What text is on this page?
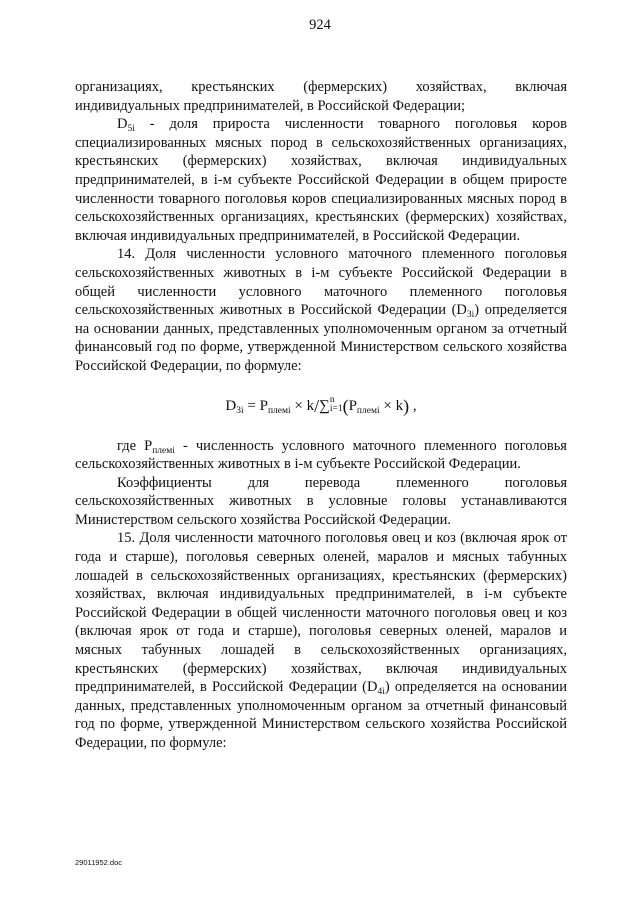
924

организациях, крестьянских (фермерских) хозяйствах, включая индивидуальных предпринимателей, в Российской Федерации;

$D_{5i}$ - доля прироста численности товарного поголовья коров специализированных мясных пород в сельскохозяйственных организациях, крестьянских (фермерских) хозяйствах, включая индивидуальных предпринимателей, в i-м субъекте Российской Федерации в общем приросте численности товарного поголовья коров специализированных мясных пород в сельскохозяйственных организациях, крестьянских (фермерских) хозяйствах, включая индивидуальных предпринимателей, в Российской Федерации.

14. Доля численности условного маточного племенного поголовья сельскохозяйственных животных в i-м субъекте Российской Федерации в общей численности условного маточного племенного поголовья сельскохозяйственных животных в Российской Федерации $(D_{3i})$ определяется на основании данных, представленных уполномоченным органом за отчетный финансовый год по форме, утвержденной Министерством сельского хозяйства Российской Федерации, по формуле:

$D_{3i} = P_{племi} \times k/\sum n$
$i=1(P_{племi} \times k)$ ,

где $P_{племi}$ - численность условного маточного племенного поголовья сельскохозяйственных животных в i-м субъекте Российской Федерации.

Коэффициенты для перевода племенного поголовья сельскохозяйственных животных в условные головы устанавливаются Министерством сельского хозяйства Российской Федерации.

15. Доля численности маточного поголовья овец и коз (включая ярок от года и старше), поголовья северных оленей, маралов и мясных табунных лошадей в сельскохозяйственных организациях, крестьянских (фермерских) хозяйствах, включая индивидуальных предпринимателей, в i-м субъекте Российской Федерации в общей численности маточного поголовья овец и коз (включая ярок от года и старше), поголовья северных оленей, маралов и мясных табунных лошадей в сельскохозяйственных организациях, крестьянских (фермерских) хозяйствах, включая индивидуальных предпринимателей, в Российской Федерации $(D_{4i})$ определяется на основании данных, представленных уполномоченным органом за отчетный финансовый год по форме, утвержденной Министерством сельского хозяйства Российской Федерации, по формуле:

29011952.doc
